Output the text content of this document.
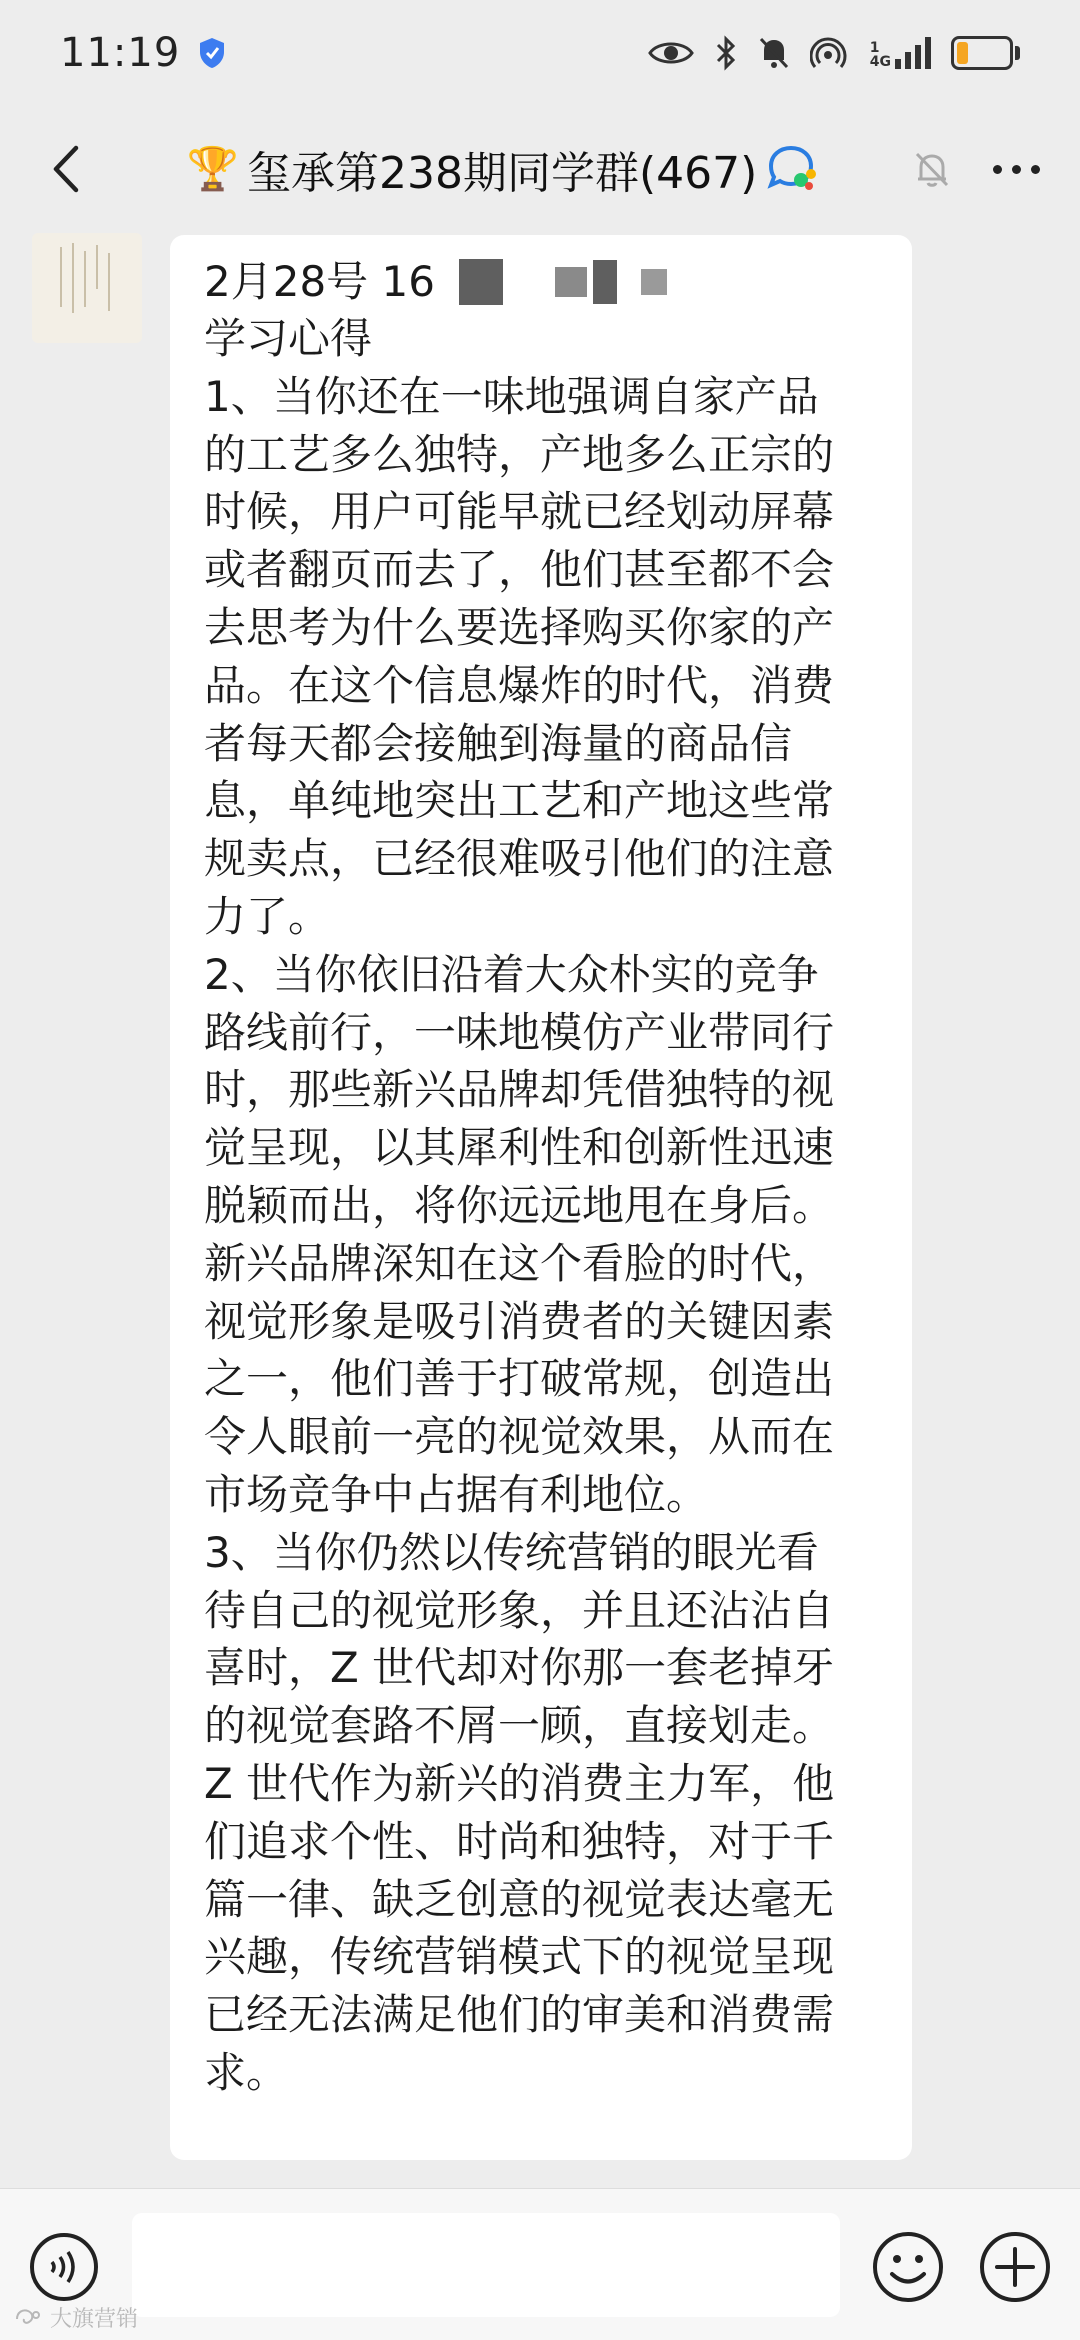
11:19	1
4G
🏆 玺承第238期同学群(467)
2月28号 16
学习心得
1、当你还在一味地强调自家产品
的工艺多么独特，产地多么正宗的
时候，用户可能早就已经划动屏幕
或者翻页而去了，他们甚至都不会
去思考为什么要选择购买你家的产
品。在这个信息爆炸的时代，消费
者每天都会接触到海量的商品信
息，单纯地突出工艺和产地这些常
规卖点，已经很难吸引他们的注意
力了。
2、当你依旧沿着大众朴实的竞争
路线前行，一味地模仿产业带同行
时，那些新兴品牌却凭借独特的视
觉呈现，以其犀利性和创新性迅速
脱颖而出，将你远远地甩在身后。
新兴品牌深知在这个看脸的时代，
视觉形象是吸引消费者的关键因素
之一，他们善于打破常规，创造出
令人眼前一亮的视觉效果，从而在
市场竞争中占据有利地位。
3、当你仍然以传统营销的眼光看
待自己的视觉形象，并且还沾沾自
喜时，Z 世代却对你那一套老掉牙
的视觉套路不屑一顾，直接划走。
Z 世代作为新兴的消费主力军，他
们追求个性、时尚和独特，对于千
篇一律、缺乏创意的视觉表达毫无
兴趣，传统营销模式下的视觉呈现
已经无法满足他们的审美和消费需
求。
大旗营销
